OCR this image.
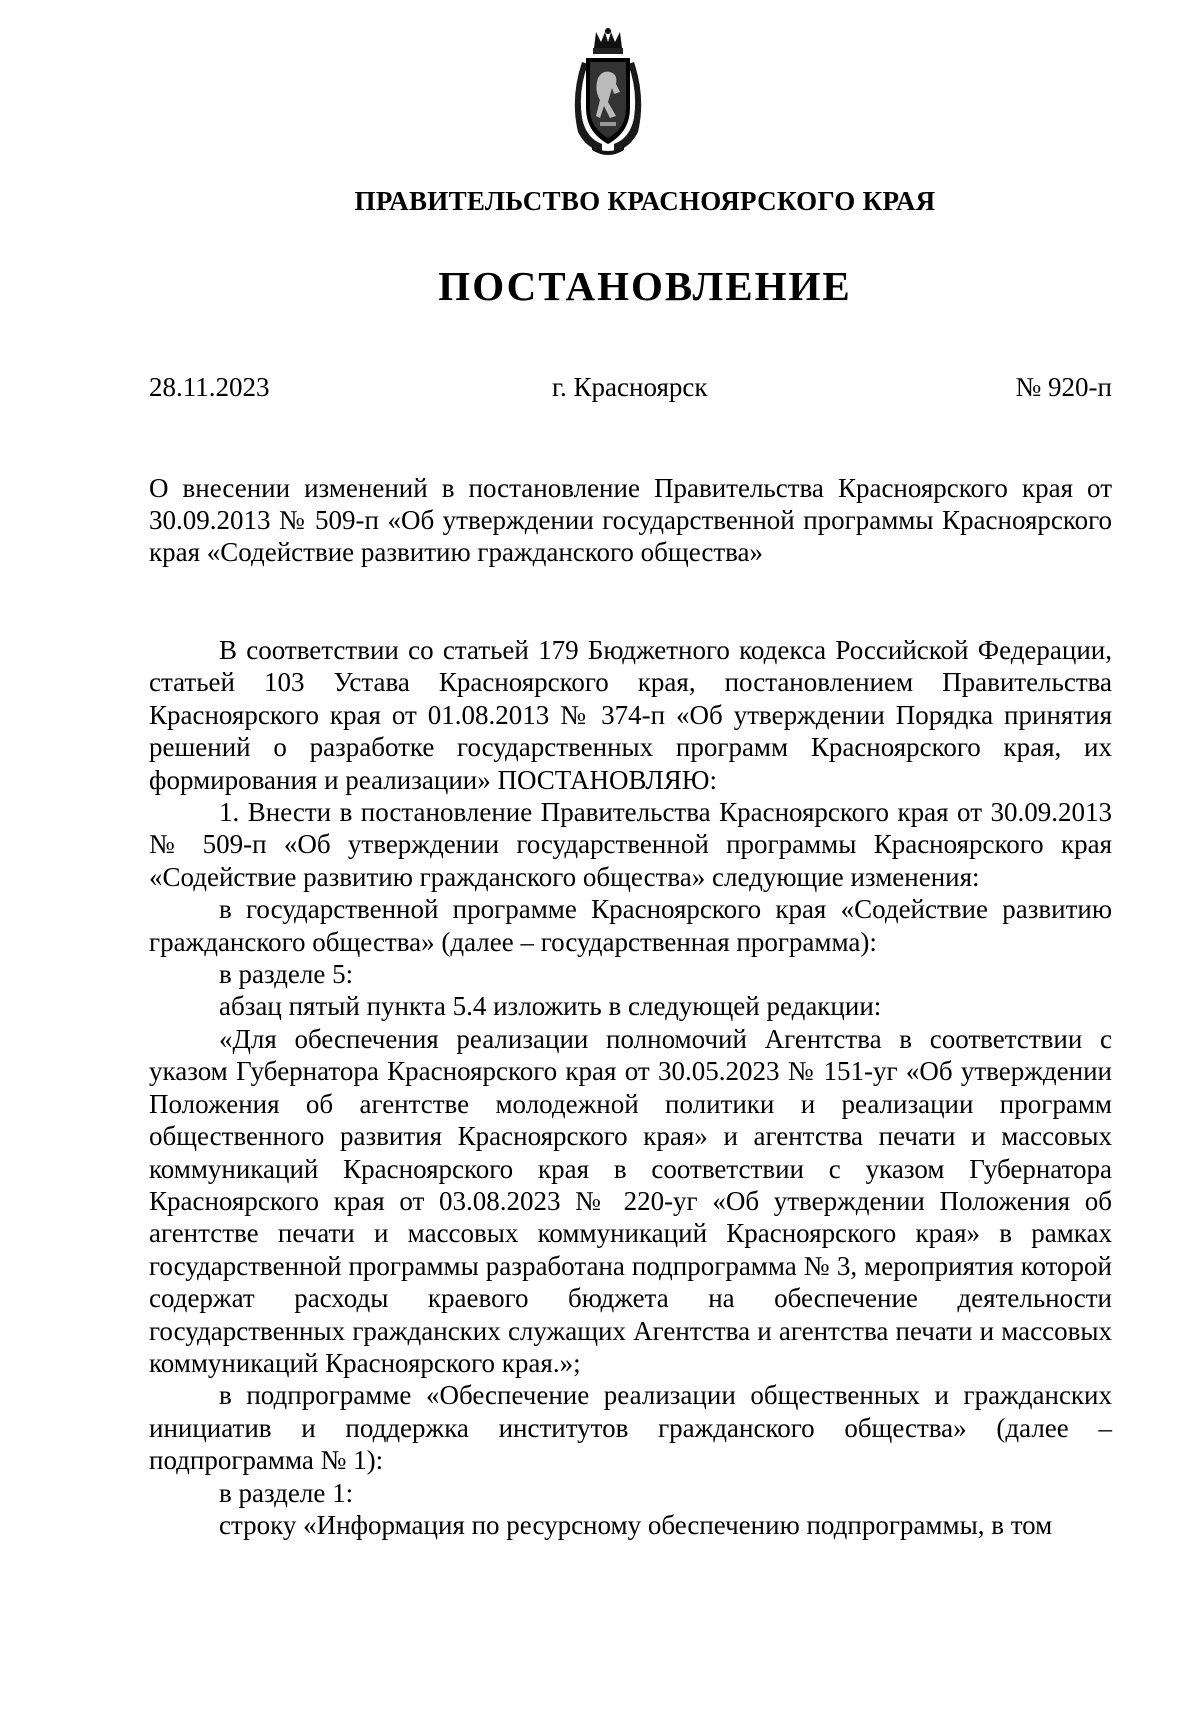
ПРАВИТЕЛЬСТВО КРАСНОЯРСКОГО КРАЯ
ПОСТАНОВЛЕНИЕ
28.11.2023	г. Красноярск	№ 920-п
О внесении изменений в постановление Правительства Красноярского края от 30.09.2013 № 509-п «Об утверждении государственной программы Красноярского края «Содействие развитию гражданского общества»

В соответствии со статьей 179 Бюджетного кодекса Российской Федерации, статьей 103 Устава Красноярского края, постановлением Правительства Красноярского края от 01.08.2013 № 374-п «Об утверждении Порядка принятия решений о разработке государственных программ Красноярского края, их формирования и реализации» ПОСТАНОВЛЯЮ:

1. Внести в постановление Правительства Красноярского края от 30.09.2013 № 509-п «Об утверждении государственной программы Красноярского края «Содействие развитию гражданского общества» следующие изменения:

в государственной программе Красноярского края «Содействие развитию гражданского общества» (далее – государственная программа):

в разделе 5:

абзац пятый пункта 5.4 изложить в следующей редакции:

«Для обеспечения реализации полномочий Агентства в соответствии с указом Губернатора Красноярского края от 30.05.2023 № 151-уг «Об утверждении Положения об агентстве молодежной политики и реализации программ общественного развития Красноярского края» и агентства печати и массовых коммуникаций Красноярского края в соответствии с указом Губернатора Красноярского края от 03.08.2023 № 220-уг «Об утверждении Положения об агентстве печати и массовых коммуникаций Красноярского края» в рамках государственной программы разработана подпрограмма № 3, мероприятия которой содержат расходы краевого бюджета на обеспечение деятельности государственных гражданских служащих Агентства и агентства печати и массовых коммуникаций Красноярского края.»;

в подпрограмме «Обеспечение реализации общественных и гражданских инициатив и поддержка институтов гражданского общества» (далее – подпрограмма № 1):

в разделе 1:

строку «Информация по ресурсному обеспечению подпрограммы, в том
